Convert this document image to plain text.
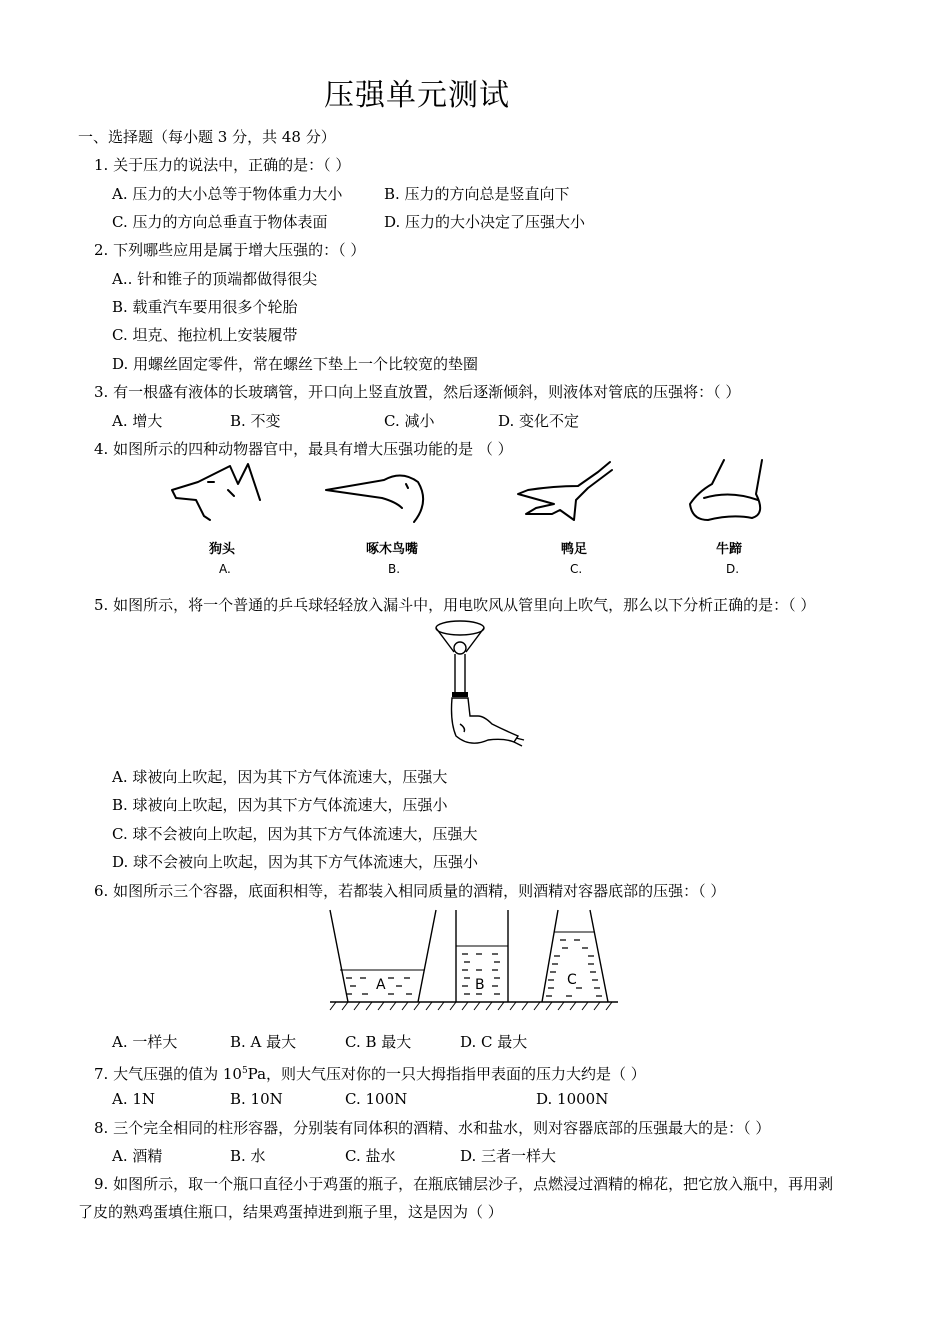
压强单元测试
一、选择题（每小题 3 分，共 48 分）
1. 关于压力的说法中，正确的是：（ ）
A. 压力的大小总等于物体重力大小	B. 压力的方向总是竖直向下
C. 压力的方向总垂直于物体表面	D. 压力的大小决定了压强大小
2. 下列哪些应用是属于增大压强的：（ ）
A.. 针和锥子的顶端都做得很尖
B. 载重汽车要用很多个轮胎
C. 坦克、拖拉机上安装履带
D. 用螺丝固定零件，常在螺丝下垫上一个比较宽的垫圈
3. 有一根盛有液体的长玻璃管，开口向上竖直放置，然后逐渐倾斜，则液体对管底的压强将：（ ）
A. 增大	B. 不变	C. 减小	D. 变化不定
4. 如图所示的四种动物器官中，最具有增大压强功能的是 （ ）
狗头
A.
啄木鸟嘴
B.
鸭足
C.
牛蹄
D.
5. 如图所示，将一个普通的乒乓球轻轻放入漏斗中，用电吹风从管里向上吹气，那么以下分析正确的是：（ ）
A. 球被向上吹起，因为其下方气体流速大，压强大
B. 球被向上吹起，因为其下方气体流速大，压强小
C. 球不会被向上吹起，因为其下方气体流速大，压强大
D. 球不会被向上吹起，因为其下方气体流速大，压强小
6. 如图所示三个容器，底面积相等，若都装入相同质量的酒精，则酒精对容器底部的压强：（ ）
A	B	C
A. 一样大	B. A 最大	C. B 最大	D. C 最大
7. 大气压强的值为 $10^5Pa$，则大气压对你的一只大拇指指甲表面的压力大约是（ ）
A. 1N	B. 10N	C. 100N	D. 1000N
8. 三个完全相同的柱形容器，分别装有同体积的酒精、水和盐水，则对容器底部的压强最大的是：（ ）
A. 酒精	B. 水	C. 盐水	D. 三者一样大
9. 如图所示，取一个瓶口直径小于鸡蛋的瓶子，在瓶底铺层沙子，点燃浸过酒精的棉花，把它放入瓶中，再用剥
了皮的熟鸡蛋填住瓶口，结果鸡蛋掉进到瓶子里，这是因为（ ）
